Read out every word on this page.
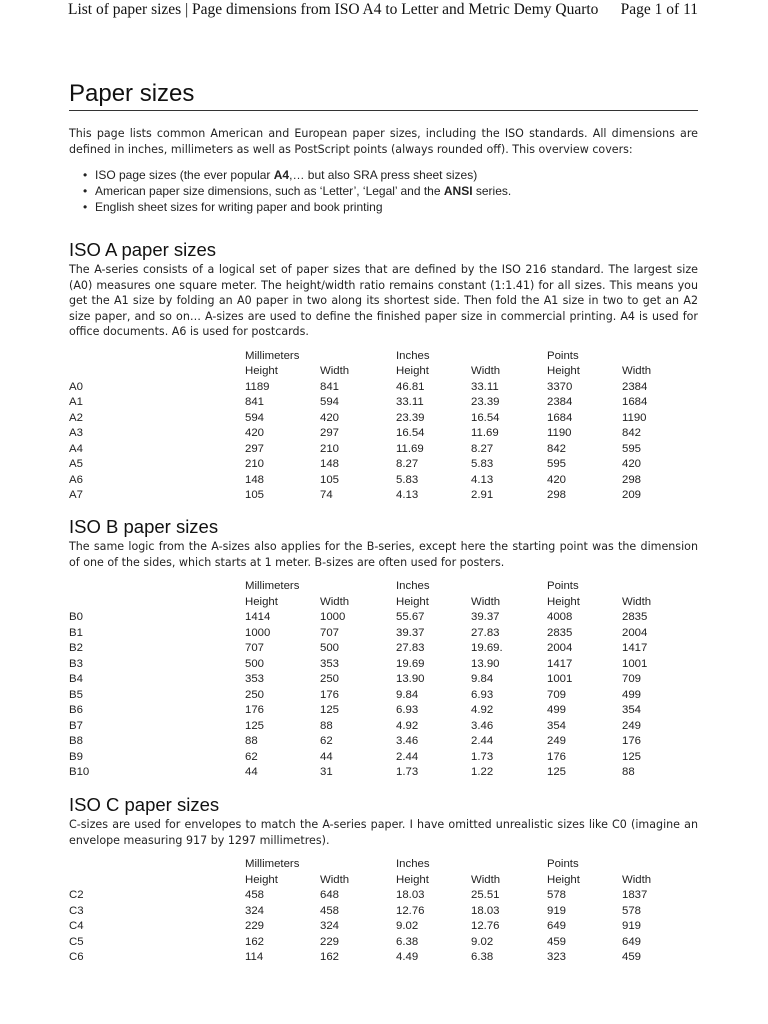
List of paper sizes | Page dimensions from ISO A4 to Letter and Metric Demy Quarto Page 1 of 11
Paper sizes

This page lists common American and European paper sizes, including the ISO standards. All dimensions are defined in inches, millimeters as well as PostScript points (always rounded off). This overview covers:

• ISO page sizes (the ever popular A4,… but also SRA press sheet sizes)
• American paper size dimensions, such as ‘Letter’, ‘Legal’ and the ANSI series.
• English sheet sizes for writing paper and book printing
ISO A paper sizes

The A-series consists of a logical set of paper sizes that are defined by the ISO 216 standard. The largest size (A0) measures one square meter. The height/width ratio remains constant (1:1.41) for all sizes. This means you get the A1 size by folding an A0 paper in two along its shortest side. Then fold the A1 size in two to get an A2 size paper, and so on… A-sizes are used to define the finished paper size in commercial printing. A4 is used for office documents. A6 is used for postcards.

	Millimeters		Inches		Points	
	Height	Width	Height	Width	Height	Width
A0	1189	841	46.81	33.11	3370	2384
A1	841	594	33.11	23.39	2384	1684
A2	594	420	23.39	16.54	1684	1190
A3	420	297	16.54	11.69	1190	842
A4	297	210	11.69	8.27	842	595
A5	210	148	8.27	5.83	595	420
A6	148	105	5.83	4.13	420	298
A7	105	74	4.13	2.91	298	209
ISO B paper sizes

The same logic from the A-sizes also applies for the B-series, except here the starting point was the dimension of one of the sides, which starts at 1 meter. B-sizes are often used for posters.

	Millimeters		Inches		Points	
	Height	Width	Height	Width	Height	Width
B0	1414	1000	55.67	39.37	4008	2835
B1	1000	707	39.37	27.83	2835	2004
B2	707	500	27.83	19.69.	2004	1417
B3	500	353	19.69	13.90	1417	1001
B4	353	250	13.90	9.84	1001	709
B5	250	176	9.84	6.93	709	499
B6	176	125	6.93	4.92	499	354
B7	125	88	4.92	3.46	354	249
B8	88	62	3.46	2.44	249	176
B9	62	44	2.44	1.73	176	125
B10	44	31	1.73	1.22	125	88
ISO C paper sizes

C-sizes are used for envelopes to match the A-series paper. I have omitted unrealistic sizes like C0 (imagine an envelope measuring 917 by 1297 millimetres).

	Millimeters		Inches		Points	
	Height	Width	Height	Width	Height	Width
C2	458	648	18.03	25.51	578	1837
C3	324	458	12.76	18.03	919	578
C4	229	324	9.02	12.76	649	919
C5	162	229	6.38	9.02	459	649
C6	114	162	4.49	6.38	323	459
